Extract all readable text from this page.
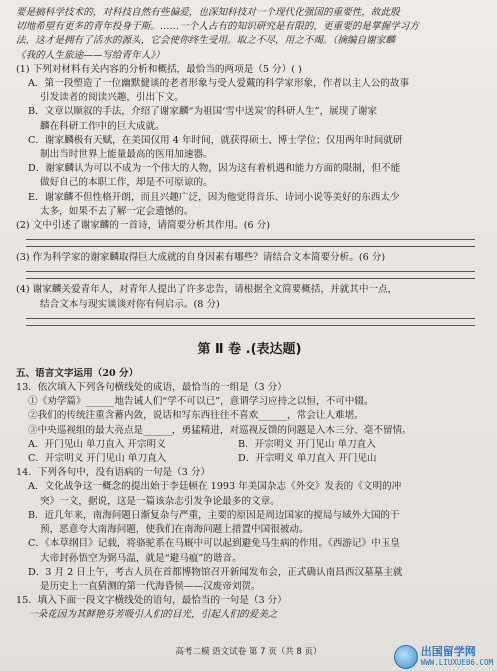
要是搞科学技术的，对科技自然有些偏爱，也深知科技对一个现代化强国的重要性，故此殷

切地希望有更多的青年投身于斯。……一个人占有的知识研究是有限的，更重要的是掌握学习方

法，这才是拥有了活水的源头，它会使你终生受用。取之不尽，用之不竭。（摘编自谢家麟

《我的人生旅途——写给青年人》）

(1) 下列对材料有关内容的分析和概括，最恰当的两项是（5 分）( )

A．第一段塑造了一位幽默健谈的老者形象与受人爱戴的科学家形象，作者以主人公的故事

引发读者的阅读兴趣，引出下文。

B．文章以顺叙的手法，介绍了谢家麟“为祖国‘雪中送炭’的科研人生”，展现了谢家

麟在科研工作中的巨大成就。

C．谢家麟极有天赋，在美国仅用 4 年时间，就获得硕士、博士学位；仅用两年时间就研

制出当时世界上能量最高的医用加速器。

D．谢家麟认为可以不成为一个伟大的人物，因为这有着机遇和能力方面的限制，但不能

做好自己的本职工作，却是不可原谅的。

E．谢家麟不但性格开朗，而且兴趣广泛，因为他觉得音乐、诗词小说等美好的东西太少

太多，如果不去了解一定会遗憾的。

(2) 文中引述了谢家麟的一首诗，请简要分析其作用。(6 分)

(3) 作为科学家的谢家麟取得巨大成就的自身因素有哪些？请结合文本简要分析。(6 分)

(4) 谢家麟关爱青年人，对青年人提出了许多忠告，请根据全文简要概括，并就其中一点，

结合文本与现实谈谈对你有何启示。(8 分)

第 Ⅱ 卷 .(表达题)

五、语言文字运用（20 分）

13．依次填入下列各句横线处的成语，最恰当的一组是（3 分）

①《劝学篇》______地告诫人们“学不可以已”，意谓学习应持之以恒，不可中辍。

②我们的传统注重含蓄内敛，说话和写东西往往不喜欢______，常会让人难堪。

③中央巡视组的最大亮点是______，勇猛精进，对巡视反馈的问题是入木三分、毫不留情。

A．开门见山 单刀直入 开宗明义	B．开宗明义 开门见山 单刀直入
C．开宗明义 开门见山 单刀直入	D．开宗明义 单刀直入 开门见山

14．下列各句中，没有语病的一句是（3 分）

A．文化战争这一概念的提出始于李廷顿在 1993 年美国杂志《外交》发表的《文明的冲

突》一文，据说，这是一篇该杂志引发争论最多的文章。

B．近几年来，南海问题日渐复杂与严重，主要的原因是周边国家的搅局与域外大国的干

预，恶意夸大南海问题，使我们在南海问题上措置中国很被动。

C．《本草纲目》记载，将骆驼系在马厩中可以起到避免马生病的作用。《西游记》中玉皇

大帝封孙悟空为弼马温，就是“避马瘟”的谐音。

D．3 月 2 日上午，考古人员在首都博物馆召开新闻发布会，正式确认南昌西汉墓墓主就

是历史上一直猜测的第一代海昏侯——汉废帝刘贺。

15．填入下面一段文字横线处的语句，最恰当的一句是（3 分）

一朵花因为其鲜艳芬芳吸引人们的目光，引起人们的爱美之

高考二模 语文试卷 第 7 页（共 8 页）	出国留学网
WWW.LIUXUE86.COM
